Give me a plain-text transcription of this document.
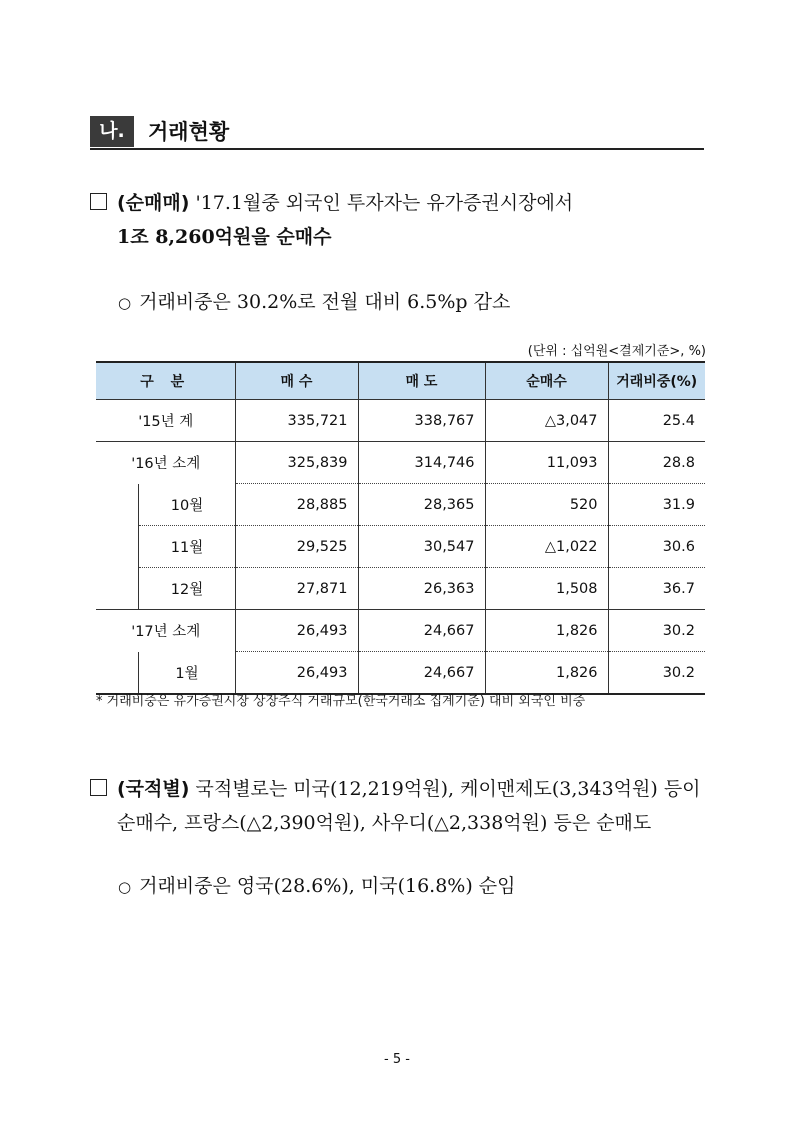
나.	거래현황
(순매매) '17.1월중 외국인 투자자는 유가증권시장에서
1조 8,260억원을 순매수
○ 거래비중은 30.2%로 전월 대비 6.5%p 감소
(단위 : 십억원<결제기준>, %)
구 분		매 수	매 도	순매수	거래비중(%)
'15년 계		335,721	338,767	△3,047	25.4
'16년 소계		325,839	314,746	11,093	28.8
	10월	28,885	28,365	520	31.9
	11월	29,525	30,547	△1,022	30.6
	12월	27,871	26,363	1,508	36.7
'17년 소계		26,493	24,667	1,826	30.2
	1월	26,493	24,667	1,826	30.2
* 거래비중은 유가증권시장 상장주식 거래규모(한국거래소 집계기준) 대비 외국인 비중
(국적별) 국적별로는 미국(12,219억원), 케이맨제도(3,343억원) 등이
순매수, 프랑스(△2,390억원), 사우디(△2,338억원) 등은 순매도
○ 거래비중은 영국(28.6%), 미국(16.8%) 순임
- 5 -
